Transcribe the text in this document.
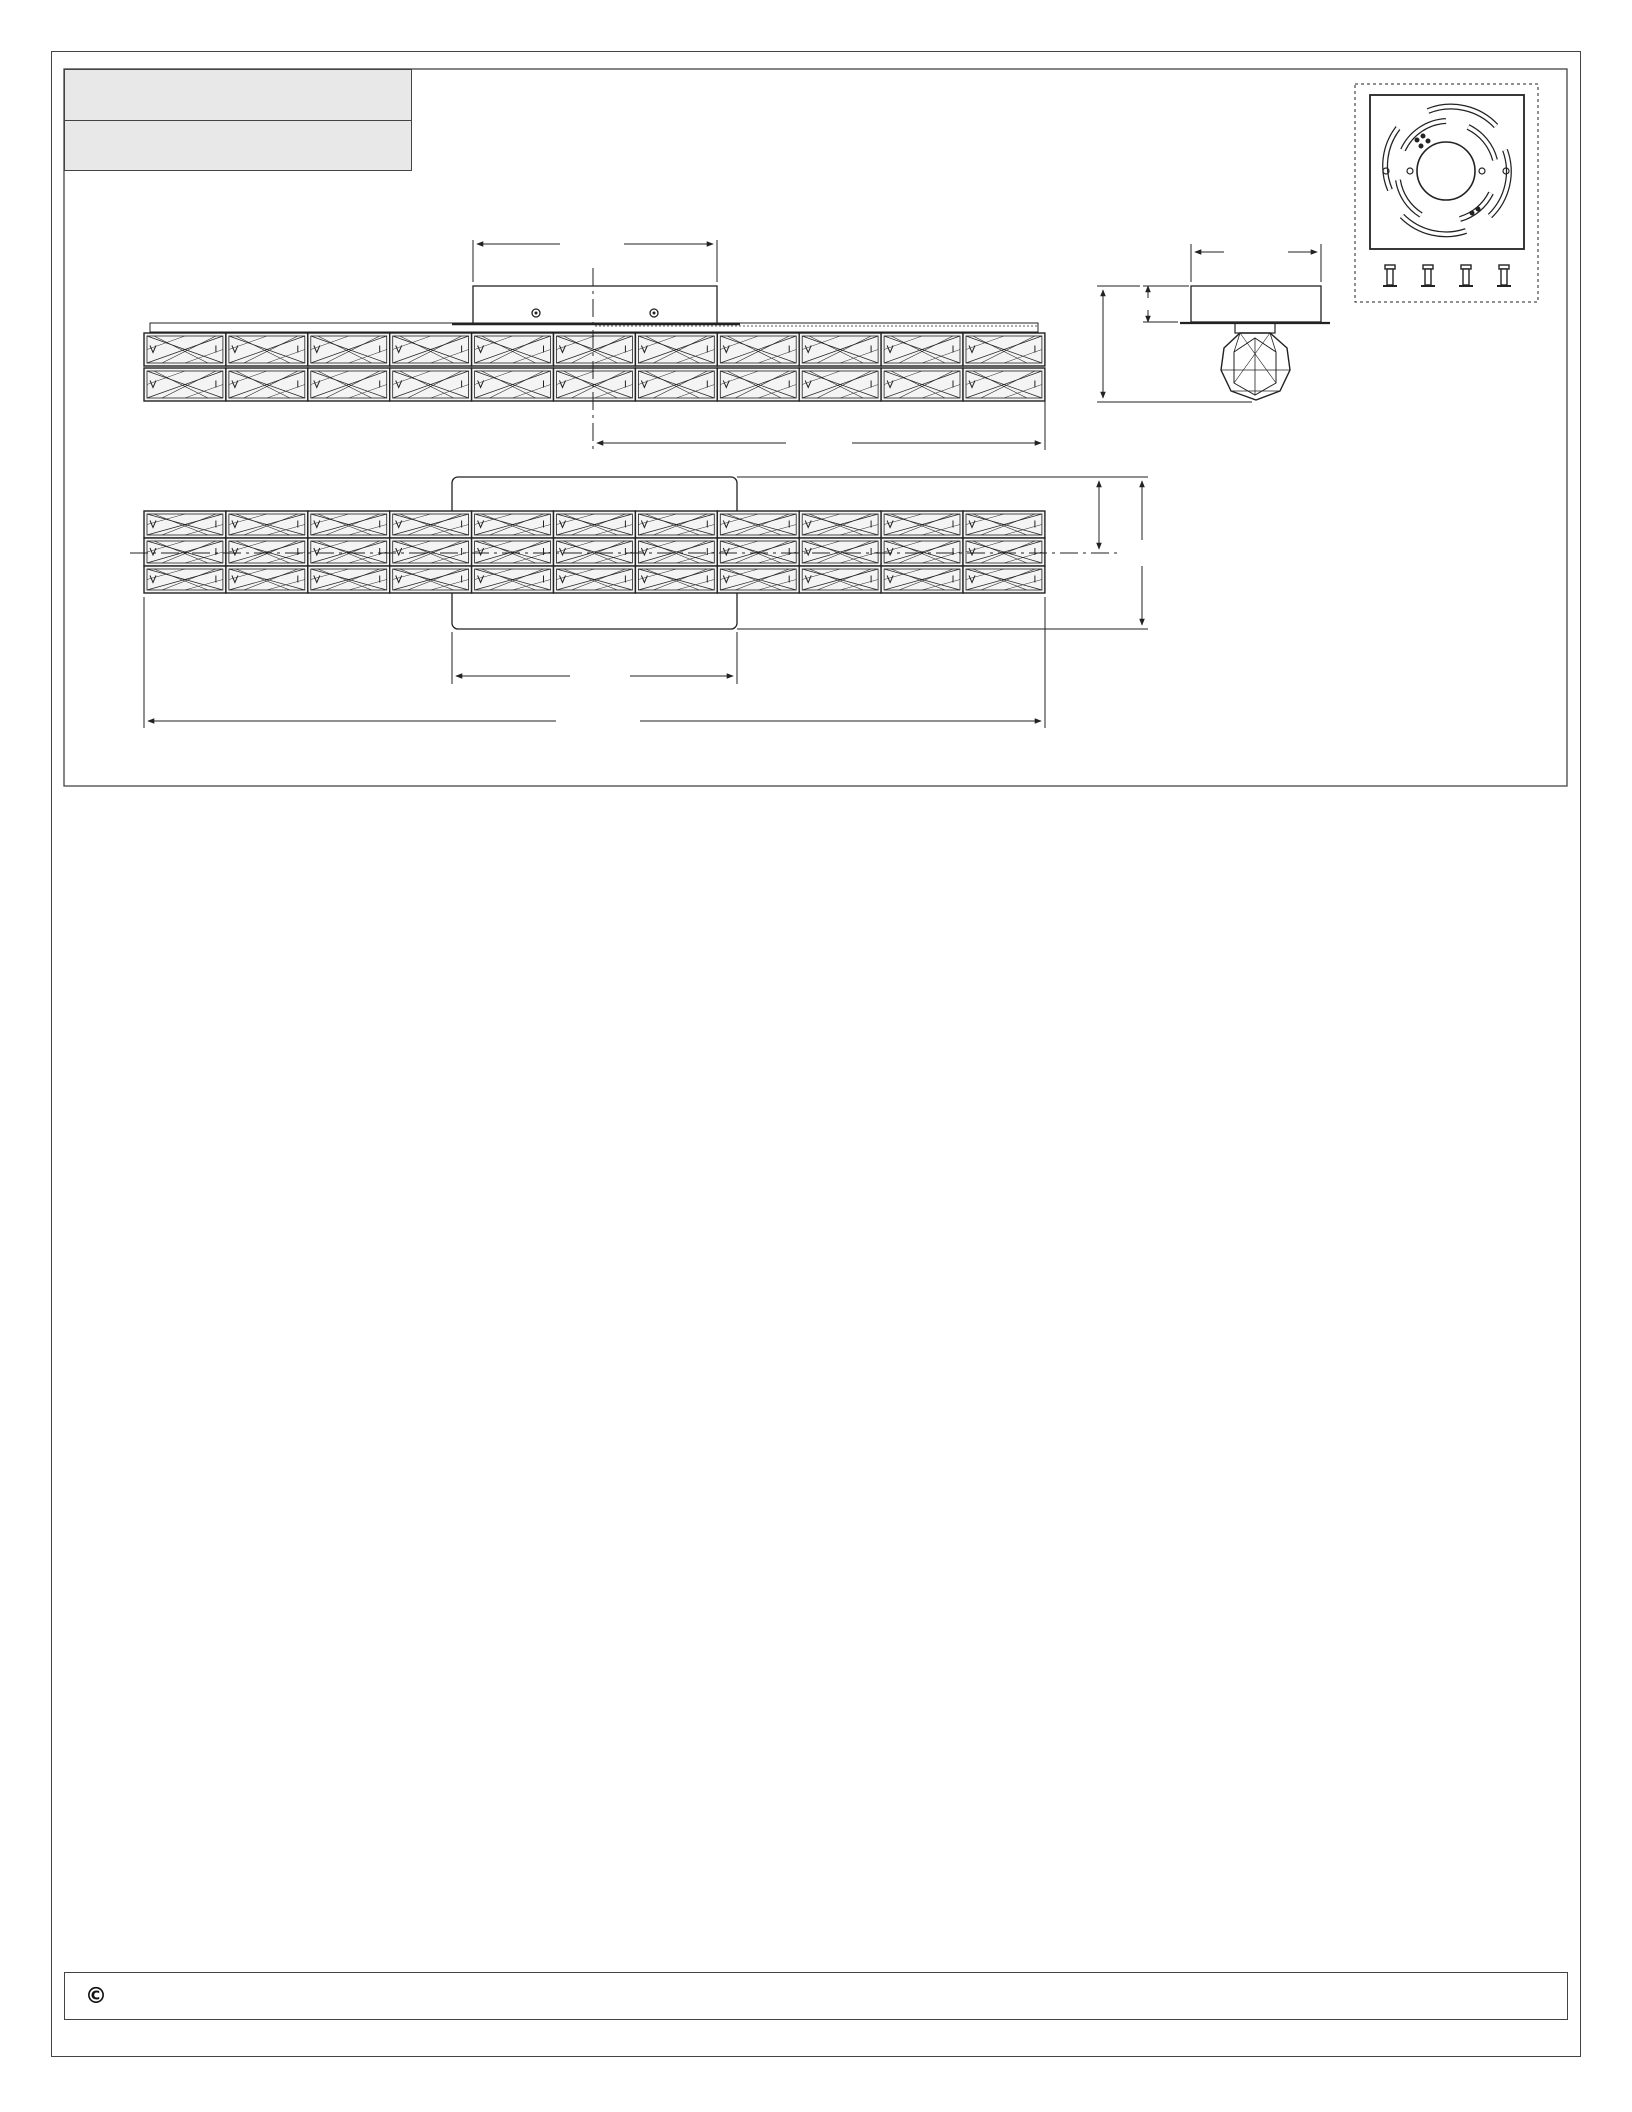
©
